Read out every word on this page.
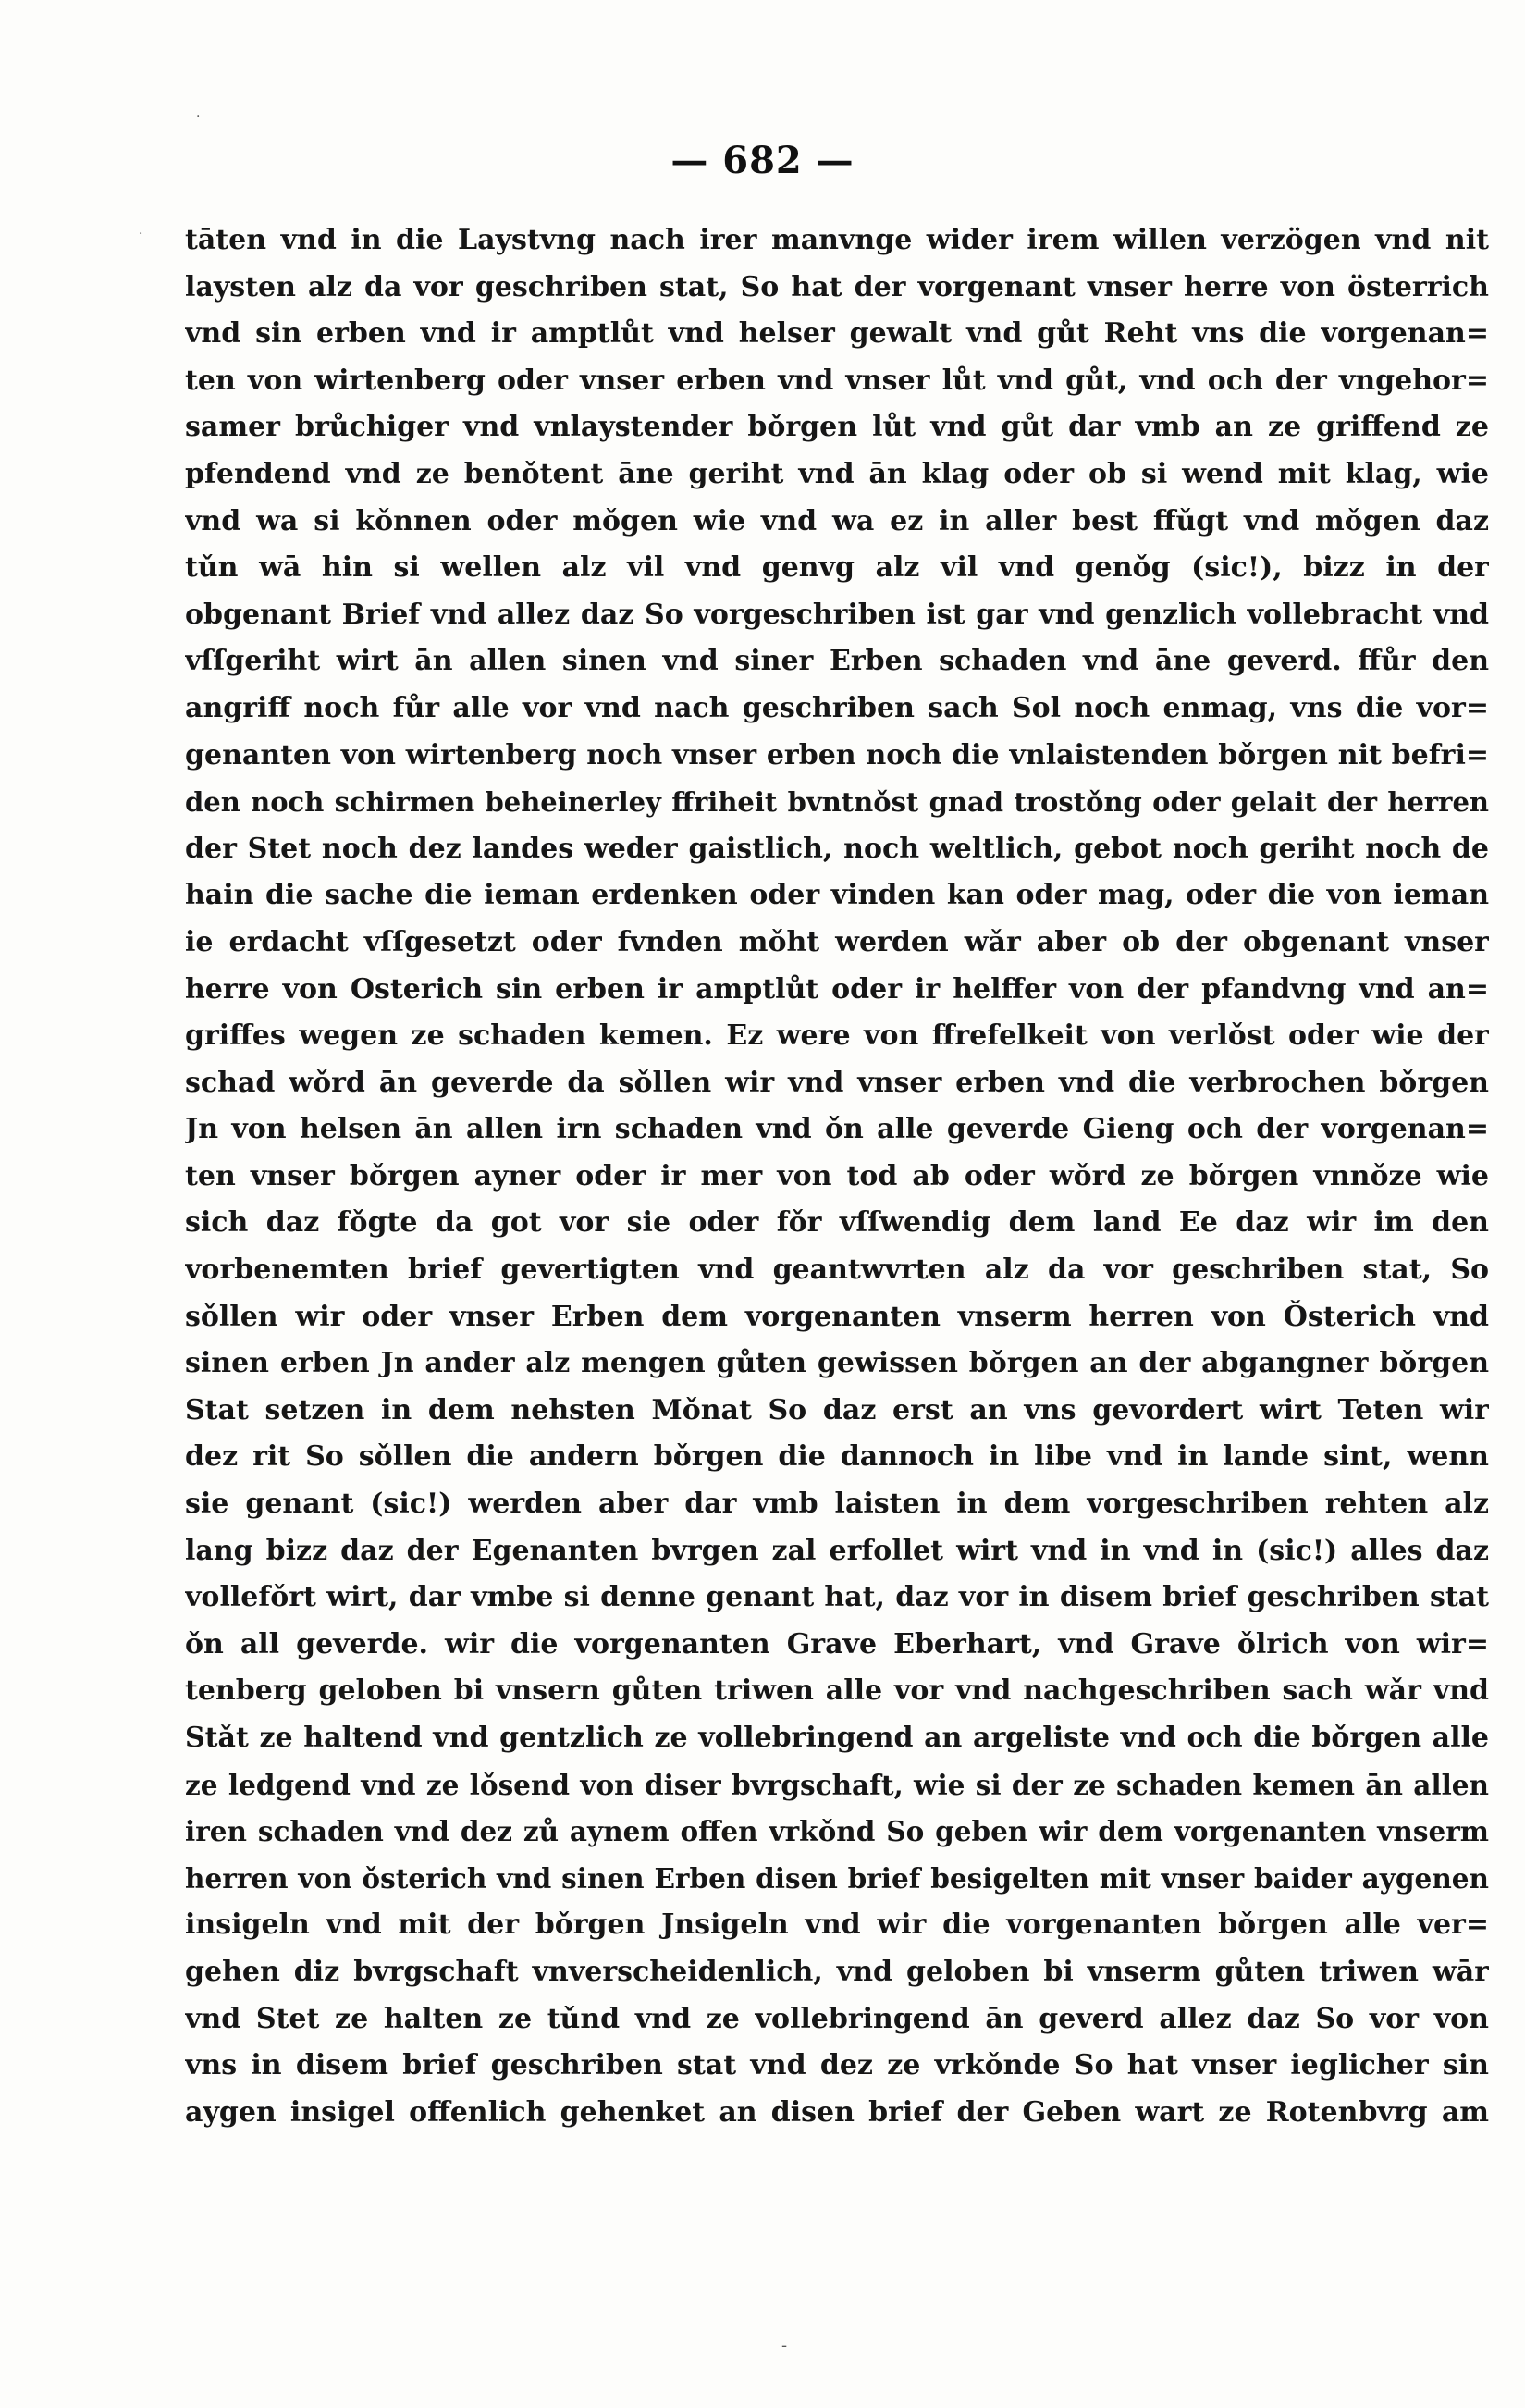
·
·
— 682 —
tāten vnd in die Laystvng nach irer manvnge wider irem willen verzögen vnd nit
laysten alz da vor geschriben stat, So hat der vorgenant vnser herre von österrich
vnd sin erben vnd ir amptlůt vnd helser gewalt vnd gůt Reht vns die vorgenan=
ten von wirtenberg oder vnser erben vnd vnser lůt vnd gůt, vnd och der vngehor=
samer brůchiger vnd vnlaystender bǒrgen lůt vnd gůt dar vmb an ze griffend ze
pfendend vnd ze benǒtent āne geriht vnd ān klag oder ob si wend mit klag, wie
vnd wa si kǒnnen oder mǒgen wie vnd wa ez in aller best ffǔgt vnd mǒgen daz
tǔn wā hin si wellen alz vil vnd genvg alz vil vnd genǒg (sic!), bizz in der
obgenant Brief vnd allez daz So vorgeschriben ist gar vnd genzlich vollebracht vnd
vſſgeriht wirt ān allen sinen vnd siner Erben schaden vnd āne geverd. ffůr den
angriff noch fůr alle vor vnd nach geschriben sach Sol noch enmag, vns die vor=
genanten von wirtenberg noch vnser erben noch die vnlaistenden bǒrgen nit befri=
den noch schirmen beheinerley ffriheit bvntnǒst gnad trostǒng oder gelait der herren
der Stet noch dez landes weder gaistlich, noch weltlich, gebot noch geriht noch de
hain die sache die ieman erdenken oder vinden kan oder mag, oder die von ieman
ie erdacht vſſgesetzt oder fvnden mǒht werden wǎr aber ob der obgenant vnser
herre von Osterich sin erben ir amptlůt oder ir helffer von der pfandvng vnd an=
griffes wegen ze schaden kemen. Ez were von ffrefelkeit von verlǒst oder wie der
schad wǒrd ān geverde da sǒllen wir vnd vnser erben vnd die verbrochen bǒrgen
Jn von helsen ān allen irn schaden vnd ǒn alle geverde Gieng och der vorgenan=
ten vnser bǒrgen ayner oder ir mer von tod ab oder wǒrd ze bǒrgen vnnǒze wie
sich daz fǒgte da got vor sie oder fǒr vſſwendig dem land Ee daz wir im den
vorbenemten brief gevertigten vnd geantwvrten alz da vor geschriben stat, So
sǒllen wir oder vnser Erben dem vorgenanten vnserm herren von Ǒsterich vnd
sinen erben Jn ander alz mengen gůten gewissen bǒrgen an der abgangner bǒrgen
Stat setzen in dem nehsten Mǒnat So daz erst an vns gevordert wirt Teten wir
dez rit So sǒllen die andern bǒrgen die dannoch in libe vnd in lande sint, wenn
sie genant (sic!) werden aber dar vmb laisten in dem vorgeschriben rehten alz
lang bizz daz der Egenanten bvrgen zal erfollet wirt vnd in vnd in (sic!) alles daz
vollefǒrt wirt, dar vmbe si denne genant hat, daz vor in disem brief geschriben stat
ǒn all geverde. wir die vorgenanten Grave Eberhart, vnd Grave ǒlrich von wir=
tenberg geloben bi vnsern gůten triwen alle vor vnd nachgeschriben sach wǎr vnd
Stǎt ze haltend vnd gentzlich ze vollebringend an argeliste vnd och die bǒrgen alle
ze ledgend vnd ze lǒsend von diser bvrgschaft, wie si der ze schaden kemen ān allen
iren schaden vnd dez zů aynem offen vrkǒnd So geben wir dem vorgenanten vnserm
herren von ǒsterich vnd sinen Erben disen brief besigelten mit vnser baider aygenen
insigeln vnd mit der bǒrgen Jnsigeln vnd wir die vorgenanten bǒrgen alle ver=
gehen diz bvrgschaft vnverscheidenlich, vnd geloben bi vnserm gůten triwen wār
vnd Stet ze halten ze tǔnd vnd ze vollebringend ān geverd allez daz So vor von
vns in disem brief geschriben stat vnd dez ze vrkǒnde So hat vnser ieglicher sin
aygen insigel offenlich gehenket an disen brief der Geben wart ze Rotenbvrg am
-
